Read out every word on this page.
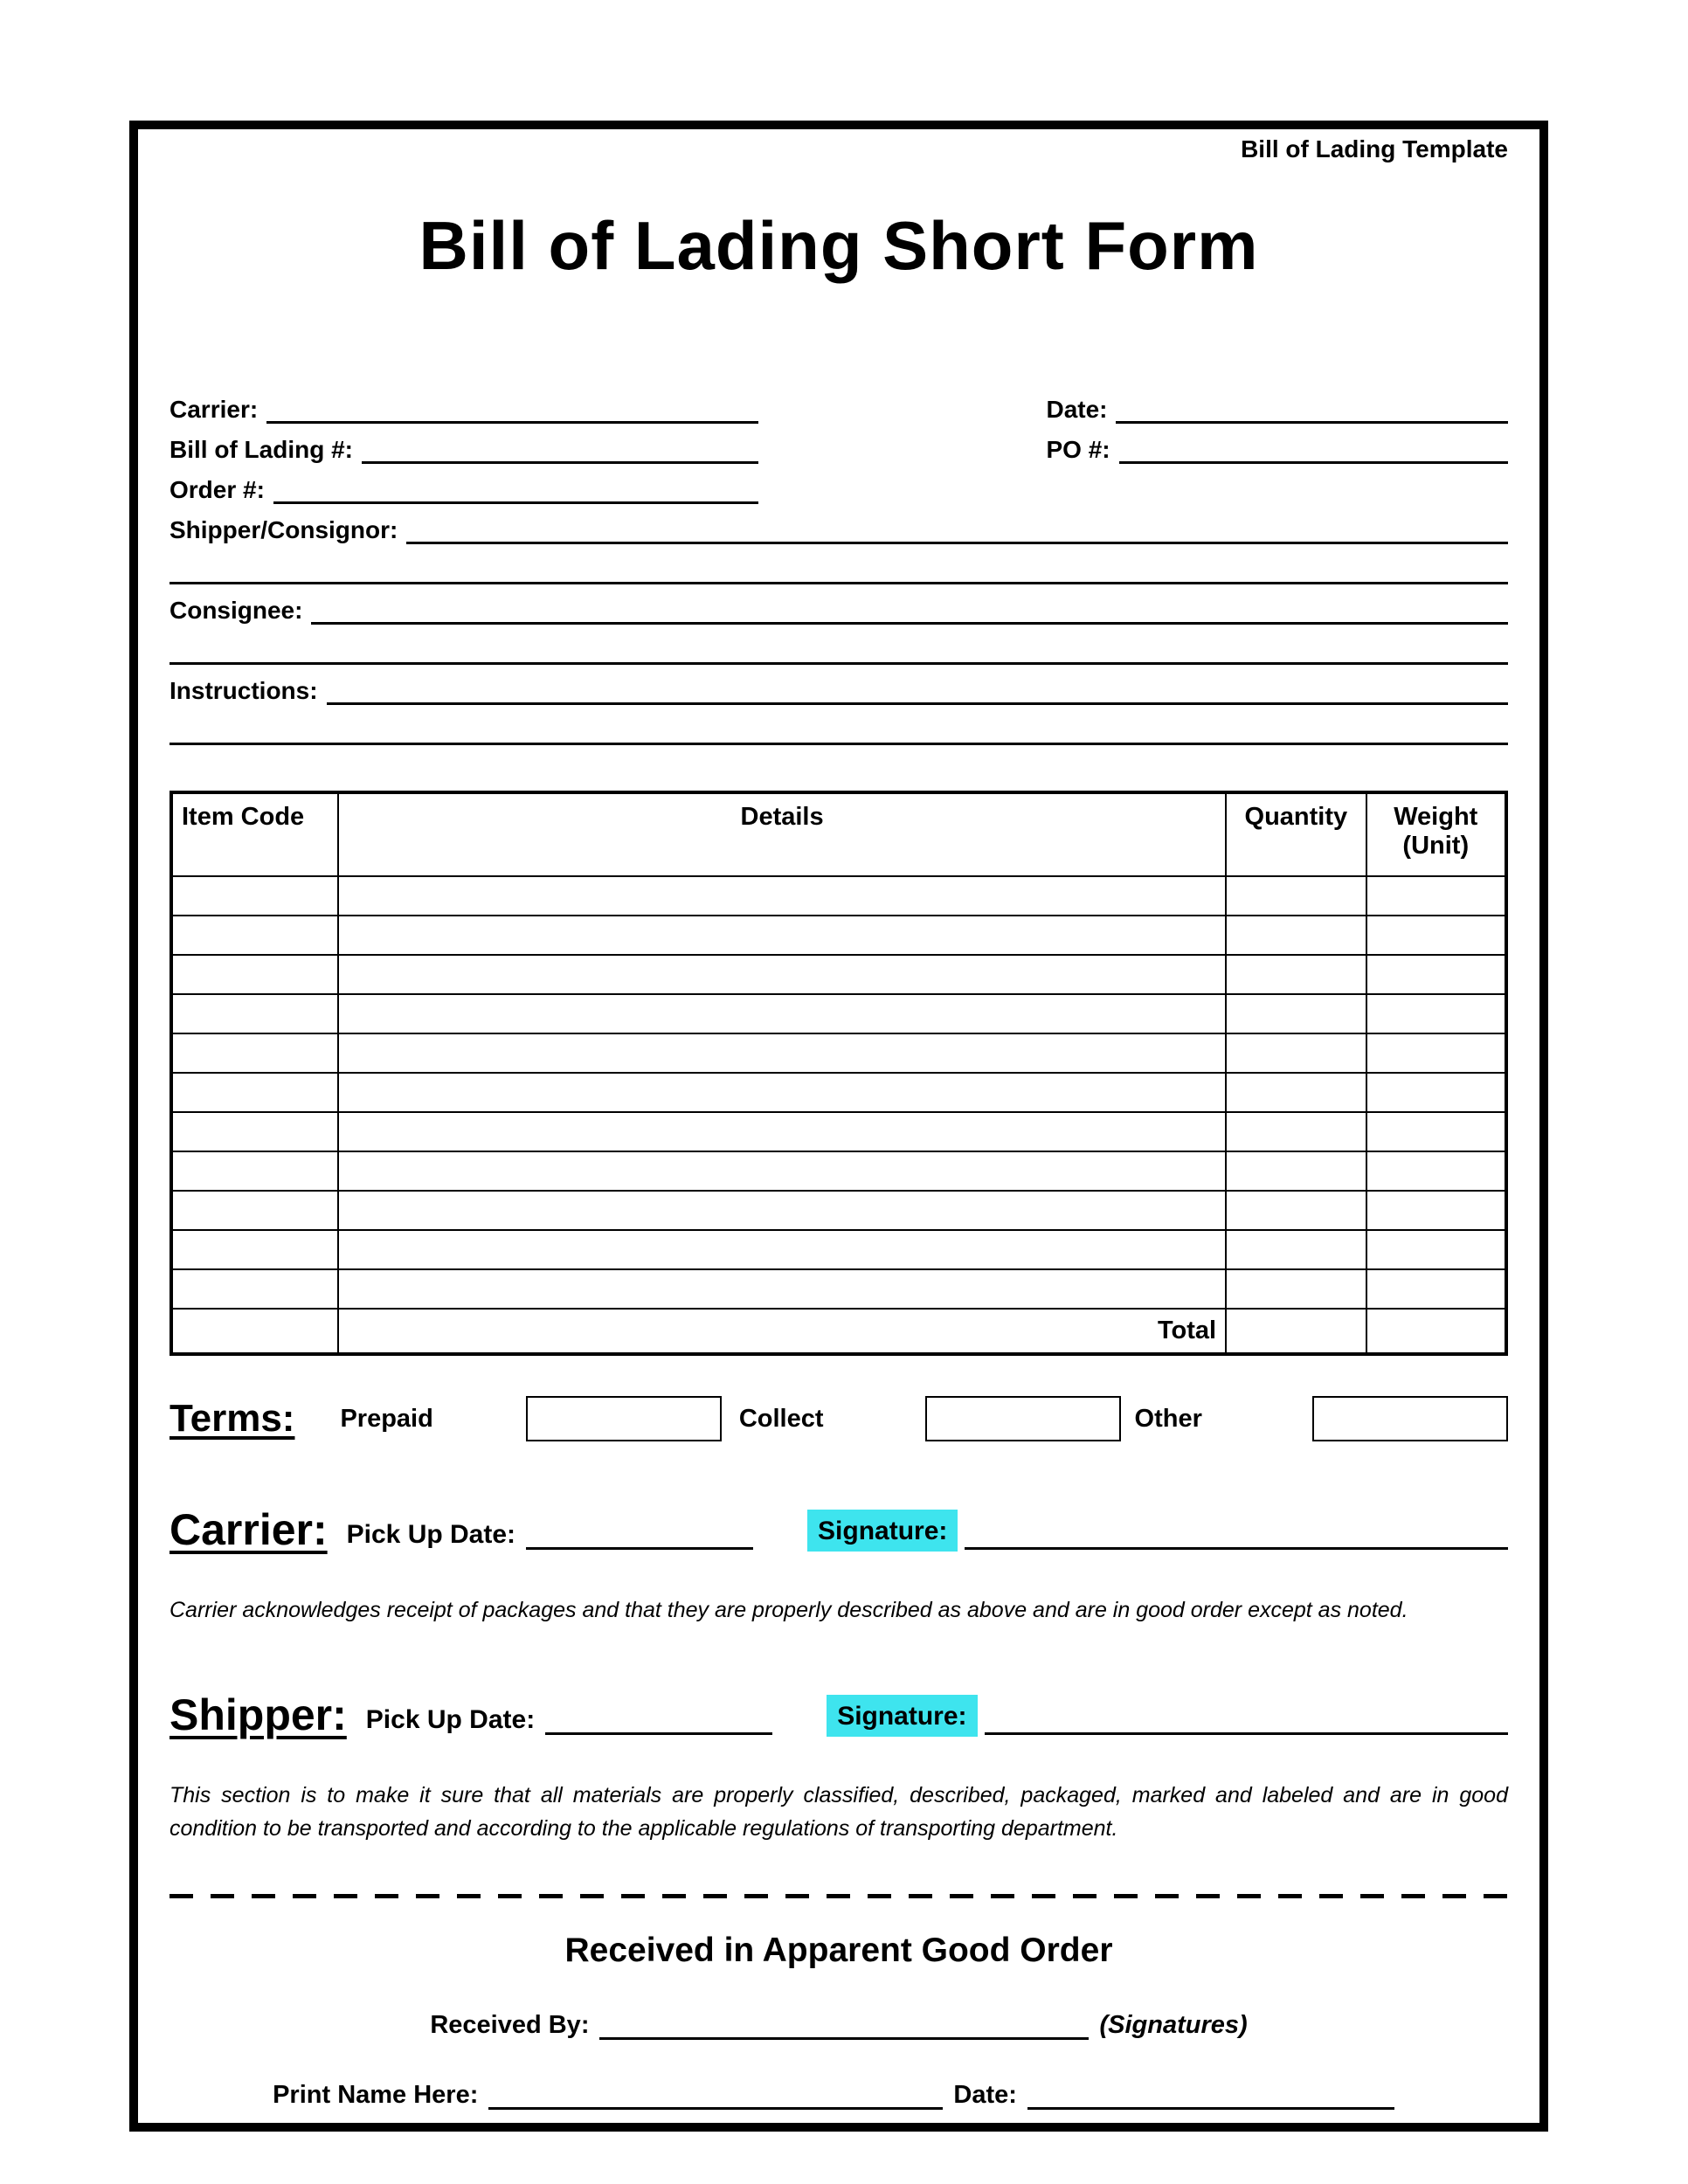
Bill of Lading Template
Bill of Lading Short Form
Carrier:	Date:
Bill of Lading #:	PO #:
Order #:
Shipper/Consignor:
Consignee:
Instructions:
Item Code	Details	Quantity	Weight (Unit)

	Total		
Terms: Prepaid	Collect	Other
Carrier: Pick Up Date:	Signature:

Carrier acknowledges receipt of packages and that they are properly described as above and are in good order except as noted.

Shipper: Pick Up Date:	Signature:

This section is to make it sure that all materials are properly classified, described, packaged, marked and labeled and are in good condition to be transported and according to the applicable regulations of transporting department.

Received in Apparent Good Order
Received By:	(Signatures)
Print Name Here:	Date:
